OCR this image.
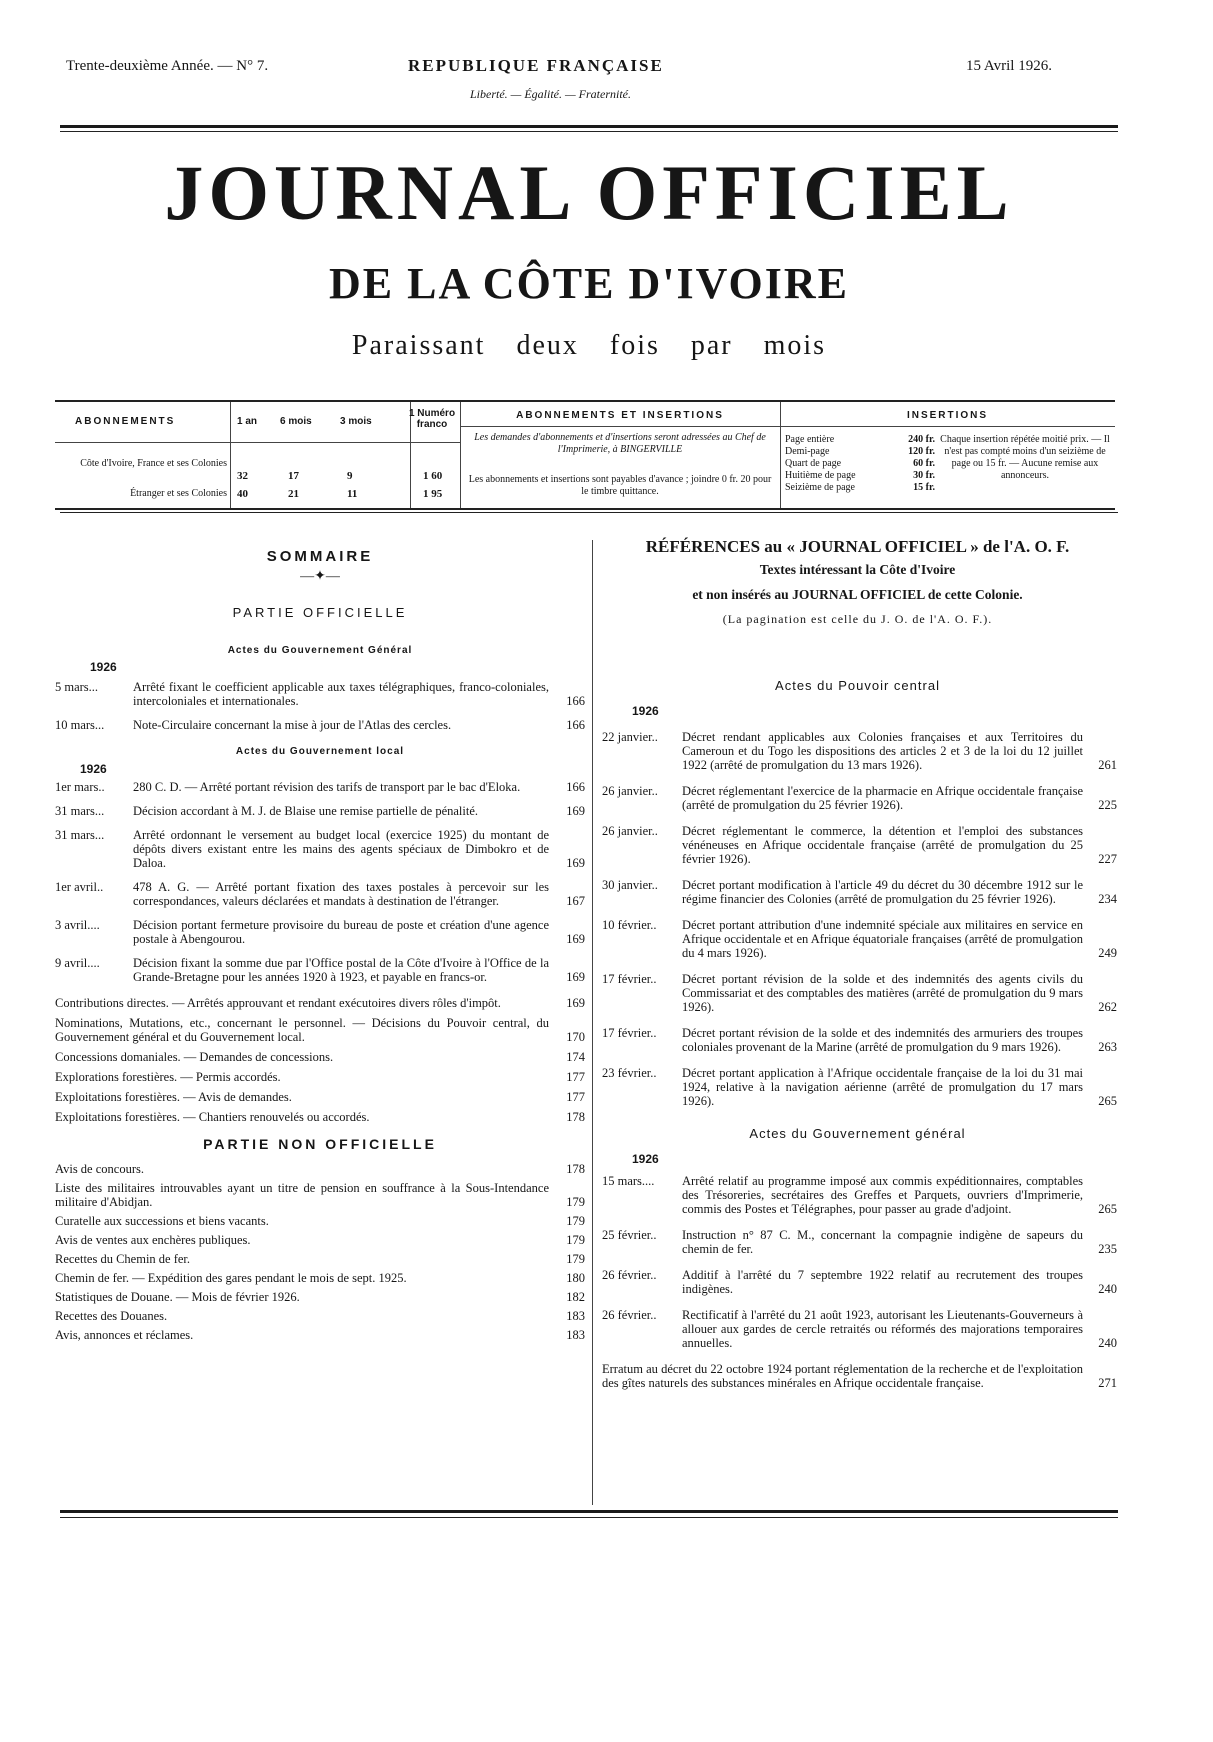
Trente-deuxième Année. — N° 7.	REPUBLIQUE FRANÇAISE
Liberté. — Égalité. — Fraternité.
15 Avril 1926.
JOURNAL OFFICIEL
DE LA CÔTE D'IVOIRE
Paraissant deux fois par mois
ABONNEMENTS	1 an 6 mois	3 mois
1 Numéro franco
Côte d'Ivoire, France et ses Colonies
32	17	9	1 60
Étranger et ses Colonies 40	21	11	1 95
ABONNEMENTS ET INSERTIONS
Les demandes d'abonnements et d'insertions seront adressées au Chef de l'Imprimerie, à BINGERVILLE
Les abonnements et insertions sont payables d'avance ; joindre 0 fr. 20 pour le timbre quittance.
INSERTIONS
Page entière	240 fr.
Demi-page	120 fr.
Quart de page	60 fr.
Huitième de page	30 fr.
Seizième de page	15 fr.
Chaque insertion répétée moitié prix. — Il n'est pas compté moins d'un seizième de page ou 15 fr. — Aucune remise aux annonceurs.
SOMMAIRE
—✦—
PARTIE OFFICIELLE
Actes du Gouvernement Général
1926
5 mars...	Arrêté fixant le coefficient applicable aux taxes télégraphiques, franco-coloniales, intercoloniales et internationales.	166
10 mars... Note-Circulaire concernant la mise à jour de l'Atlas des cercles.	166
Actes du Gouvernement local
1926
1er mars.. 280 C. D. — Arrêté portant révision des tarifs de transport par le bac d'Eloka.	166
31 mars... Décision accordant à M. J. de Blaise une remise partielle de pénalité.	169
31 mars... Arrêté ordonnant le versement au budget local (exercice 1925) du montant de dépôts divers existant entre les mains des agents spéciaux de Dimbokro et de Daloa.	169
1er avril.. 478 A. G. — Arrêté portant fixation des taxes postales à percevoir sur les correspondances, valeurs déclarées et mandats à destination de l'étranger.	167
3 avril....	Décision portant fermeture provisoire du bureau de poste et création d'une agence postale à Abengourou.	169
9 avril....	Décision fixant la somme due par l'Office postal de la Côte d'Ivoire à l'Office de la Grande-Bretagne pour les années 1920 à 1923, et payable en francs-or.	169
Contributions directes. — Arrêtés approuvant et rendant exécutoires divers rôles d'impôt.	169
Nominations, Mutations, etc., concernant le personnel. — Décisions du Pouvoir central, du Gouvernement général et du Gouvernement local.	170
Concessions domaniales. — Demandes de concessions.	174
Explorations forestières. — Permis accordés.	177
Exploitations forestières. — Avis de demandes.	177
Exploitations forestières. — Chantiers renouvelés ou accordés.	178
PARTIE NON OFFICIELLE
Avis de concours.	178
Liste des militaires introuvables ayant un titre de pension en souffrance à la Sous-Intendance militaire d'Abidjan.	179
Curatelle aux successions et biens vacants.	179
Avis de ventes aux enchères publiques.	179
Recettes du Chemin de fer.	179
Chemin de fer. — Expédition des gares pendant le mois de sept. 1925.	180
Statistiques de Douane. — Mois de février 1926.	182
Recettes des Douanes.	183
Avis, annonces et réclames.	183
RÉFÉRENCES au « JOURNAL OFFICIEL » de l'A. O. F.
Textes intéressant la Côte d'Ivoire
et non insérés au JOURNAL OFFICIEL de cette Colonie.
(La pagination est celle du J. O. de l'A. O. F.).
Actes du Pouvoir central
1926
22 janvier.. Décret rendant applicables aux Colonies françaises et aux Territoires du Cameroun et du Togo les dispositions des articles 2 et 3 de la loi du 12 juillet 1922 (arrêté de promulgation du 13 mars 1926).	261
26 janvier.. Décret réglementant l'exercice de la pharmacie en Afrique occidentale française (arrêté de promulgation du 25 février 1926).	225
26 janvier.. Décret réglementant le commerce, la détention et l'emploi des substances vénéneuses en Afrique occidentale française (arrêté de promulgation du 25 février 1926).	227
30 janvier.. Décret portant modification à l'article 49 du décret du 30 décembre 1912 sur le régime financier des Colonies (arrêté de promulgation du 25 février 1926).	234
10 février.. Décret portant attribution d'une indemnité spéciale aux militaires en service en Afrique occidentale et en Afrique équatoriale françaises (arrêté de promulgation du 4 mars 1926).	249
17 février.. Décret portant révision de la solde et des indemnités des agents civils du Commissariat et des comptables des matières (arrêté de promulgation du 9 mars 1926).	262
17 février.. Décret portant révision de la solde et des indemnités des armuriers des troupes coloniales provenant de la Marine (arrêté de promulgation du 9 mars 1926).	263
23 février.. Décret portant application à l'Afrique occidentale française de la loi du 31 mai 1924, relative à la navigation aérienne (arrêté de promulgation du 17 mars 1926).	265
Actes du Gouvernement général
1926
15 mars.... Arrêté relatif au programme imposé aux commis expéditionnaires, comptables des Trésoreries, secrétaires des Greffes et Parquets, ouvriers d'Imprimerie, commis des Postes et Télégraphes, pour passer au grade d'adjoint.	265
25 février.. Instruction n° 87 C. M., concernant la compagnie indigène de sapeurs du chemin de fer.	235
26 février.. Additif à l'arrêté du 7 septembre 1922 relatif au recrutement des troupes indigènes.	240
26 février.. Rectificatif à l'arrêté du 21 août 1923, autorisant les Lieutenants-Gouverneurs à allouer aux gardes de cercle retraités ou réformés des majorations temporaires annuelles.	240
Erratum au décret du 22 octobre 1924 portant réglementation de la recherche et de l'exploitation des gîtes naturels des substances minérales en Afrique occidentale française.	271
